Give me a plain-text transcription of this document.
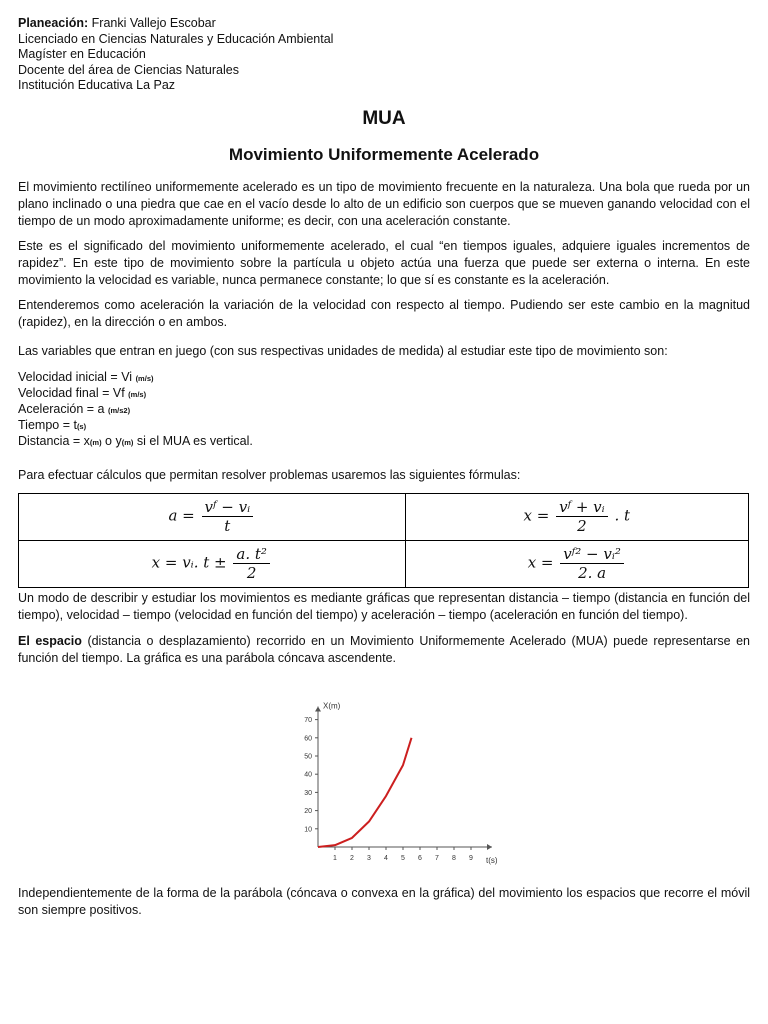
Planeación: Franki Vallejo Escobar
Licenciado en Ciencias Naturales y Educación Ambiental
Magíster en Educación
Docente del área de Ciencias Naturales
Institución Educativa La Paz
MUA
Movimiento Uniformemente Acelerado

El movimiento rectilíneo uniformemente acelerado es un tipo de movimiento frecuente en la naturaleza. Una bola que rueda por un plano inclinado o una piedra que cae en el vacío desde lo alto de un edificio son cuerpos que se mueven ganando velocidad con el tiempo de un modo aproximadamente uniforme; es decir, con una aceleración constante.

Este es el significado del movimiento uniformemente acelerado, el cual “en tiempos iguales, adquiere iguales incrementos de rapidez”. En este tipo de movimiento sobre la partícula u objeto actúa una fuerza que puede ser externa o interna. En este movimiento la velocidad es variable, nunca permanece constante; lo que sí es constante es la aceleración.

Entenderemos como aceleración la variación de la velocidad con respecto al tiempo. Pudiendo ser este cambio en la magnitud (rapidez), en la dirección o en ambos.

Las variables que entran en juego (con sus respectivas unidades de medida) al estudiar este tipo de movimiento son:

Velocidad inicial = Vi (m/s)
Velocidad final = Vf (m/s)
Aceleración = a (m/s2)
Tiempo = t(s)
Distancia = x(m) o y(m) si el MUA es vertical.

Para efectuar cálculos que permitan resolver problemas usaremos las siguientes fórmulas:

$a = \frac{\text{vᶠ − vᵢ}}{t}$	$x = \frac{\text{vᶠ + vᵢ}}{2}$ . t
x = vᵢ. $t \pm \frac{\text{a. t²}}{2}$	$x = \frac{\text{vᶠ² − vᵢ²}}{2. a}$

Un modo de describir y estudiar los movimientos es mediante gráficas que representan distancia – tiempo (distancia en función del tiempo), velocidad – tiempo (velocidad en función del tiempo) y aceleración – tiempo (aceleración en función del tiempo).

El espacio (distancia o desplazamiento) recorrido en un Movimiento Uniformemente Acelerado (MUA) puede representarse en función del tiempo. La gráfica es una parábola cóncava ascendente.

1 2 3 4 5 6 7 8 9
10
20
30
40
50
60
70
X(m)
t(s)

Independientemente de la forma de la parábola (cóncava o convexa en la gráfica) del movimiento los espacios que recorre el móvil son siempre positivos.
